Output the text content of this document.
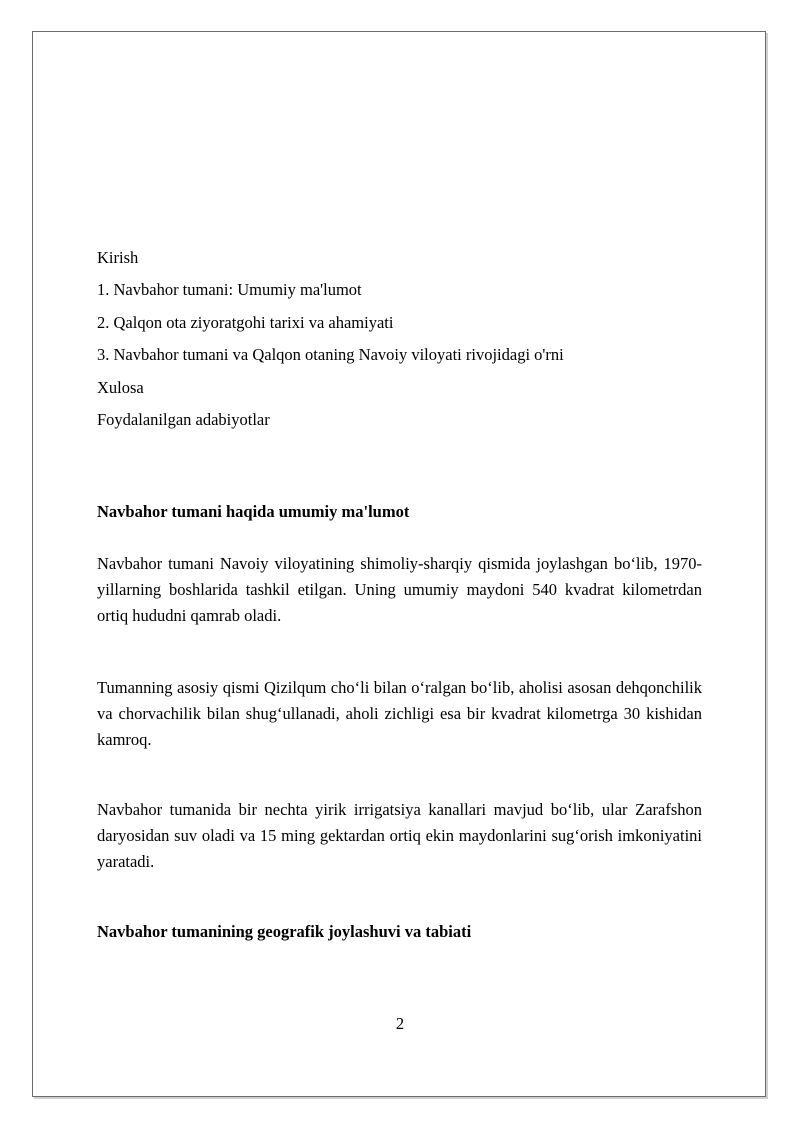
Kirish
1. Navbahor tumani: Umumiy ma'lumot
2. Qalqon ota ziyoratgohi tarixi va ahamiyati
3. Navbahor tumani va Qalqon otaning Navoiy viloyati rivojidagi o'rni
Xulosa
Foydalanilgan adabiyotlar
Navbahor tumani haqida umumiy ma'lumot
Navbahor tumani Navoiy viloyatining shimoliy-sharqiy qismida joylashgan bo‘lib, 1970-yillarning boshlarida tashkil etilgan. Uning umumiy maydoni 540 kvadrat kilometrdan ortiq hududni qamrab oladi.
Tumanning asosiy qismi Qizilqum cho‘li bilan o‘ralgan bo‘lib, aholisi asosan dehqonchilik va chorvachilik bilan shug‘ullanadi, aholi zichligi esa bir kvadrat kilometrga 30 kishidan kamroq.
Navbahor tumanida bir nechta yirik irrigatsiya kanallari mavjud bo‘lib, ular Zarafshon daryosidan suv oladi va 15 ming gektardan ortiq ekin maydonlarini sug‘orish imkoniyatini yaratadi.
Navbahor tumanining geografik joylashuvi va tabiati
2
